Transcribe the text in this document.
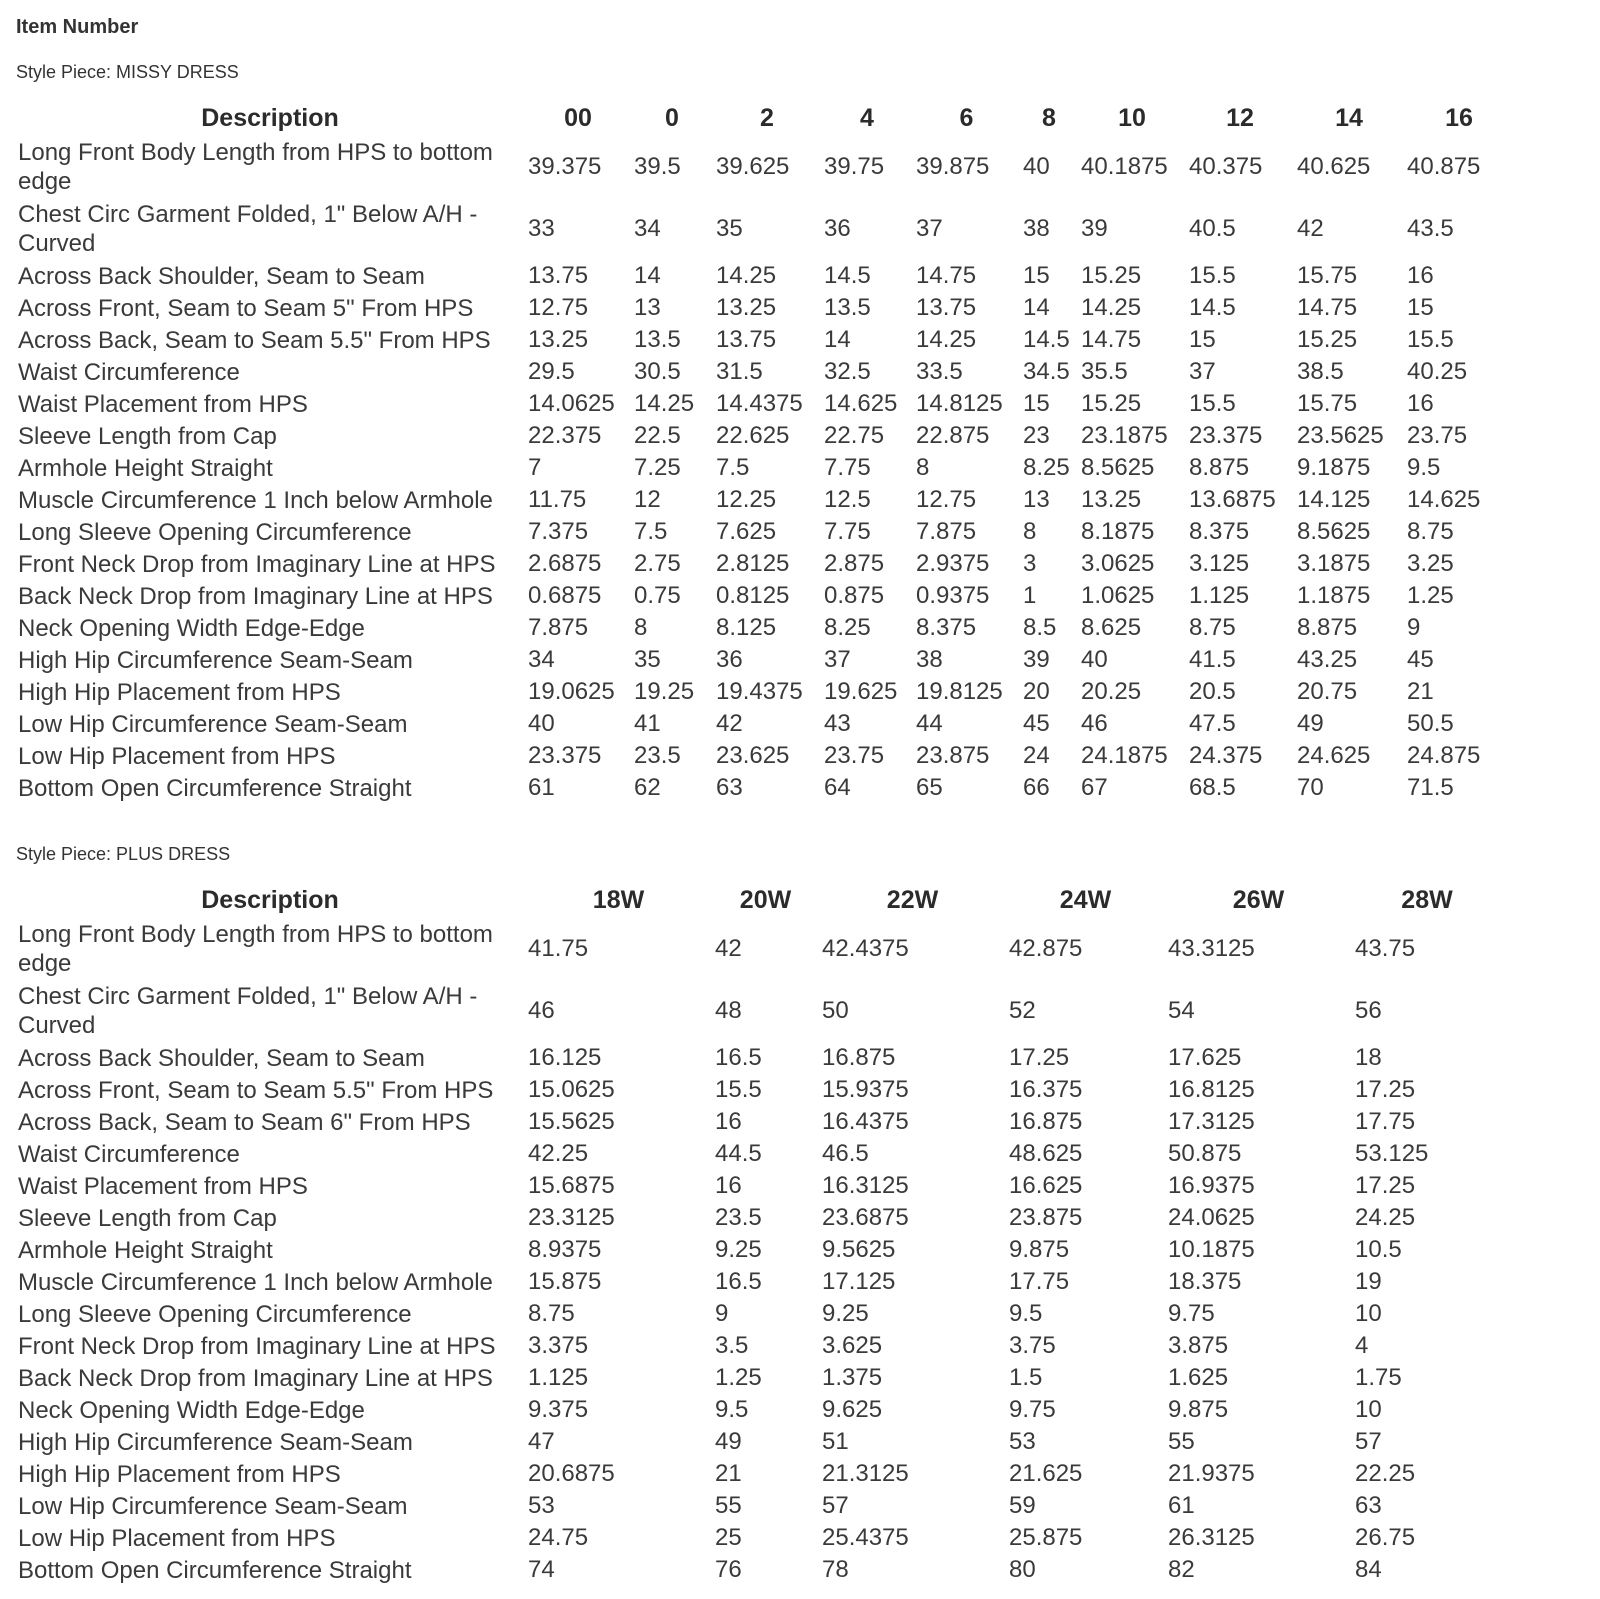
Item Number
Style Piece: MISSY DRESS
Description	00	0	2	4	6	8	10	12	14	16
Long Front Body Length from HPS to bottom edge	39.375	39.5	39.625	39.75	39.875	40	40.1875	40.375	40.625	40.875
Chest Circ Garment Folded, 1" Below A/H - Curved	33	34	35	36	37	38	39	40.5	42	43.5
Across Back Shoulder, Seam to Seam	13.75	14	14.25	14.5	14.75	15	15.25	15.5	15.75	16
Across Front, Seam to Seam 5" From HPS	12.75	13	13.25	13.5	13.75	14	14.25	14.5	14.75	15
Across Back, Seam to Seam 5.5" From HPS	13.25	13.5	13.75	14	14.25	14.5	14.75	15	15.25	15.5
Waist Circumference	29.5	30.5	31.5	32.5	33.5	34.5	35.5	37	38.5	40.25
Waist Placement from HPS	14.0625	14.25	14.4375	14.625	14.8125	15	15.25	15.5	15.75	16
Sleeve Length from Cap	22.375	22.5	22.625	22.75	22.875	23	23.1875	23.375	23.5625	23.75
Armhole Height Straight	7	7.25	7.5	7.75	8	8.25	8.5625	8.875	9.1875	9.5
Muscle Circumference 1 Inch below Armhole	11.75	12	12.25	12.5	12.75	13	13.25	13.6875	14.125	14.625
Long Sleeve Opening Circumference	7.375	7.5	7.625	7.75	7.875	8	8.1875	8.375	8.5625	8.75
Front Neck Drop from Imaginary Line at HPS	2.6875	2.75	2.8125	2.875	2.9375	3	3.0625	3.125	3.1875	3.25
Back Neck Drop from Imaginary Line at HPS	0.6875	0.75	0.8125	0.875	0.9375	1	1.0625	1.125	1.1875	1.25
Neck Opening Width Edge-Edge	7.875	8	8.125	8.25	8.375	8.5	8.625	8.75	8.875	9
High Hip Circumference Seam-Seam	34	35	36	37	38	39	40	41.5	43.25	45
High Hip Placement from HPS	19.0625	19.25	19.4375	19.625	19.8125	20	20.25	20.5	20.75	21
Low Hip Circumference Seam-Seam	40	41	42	43	44	45	46	47.5	49	50.5
Low Hip Placement from HPS	23.375	23.5	23.625	23.75	23.875	24	24.1875	24.375	24.625	24.875
Bottom Open Circumference Straight	61	62	63	64	65	66	67	68.5	70	71.5
Style Piece: PLUS DRESS
Description	18W	20W	22W	24W	26W	28W
Long Front Body Length from HPS to bottom edge	41.75	42	42.4375	42.875	43.3125	43.75
Chest Circ Garment Folded, 1" Below A/H - Curved	46	48	50	52	54	56
Across Back Shoulder, Seam to Seam	16.125	16.5	16.875	17.25	17.625	18
Across Front, Seam to Seam 5.5" From HPS	15.0625	15.5	15.9375	16.375	16.8125	17.25
Across Back, Seam to Seam 6" From HPS	15.5625	16	16.4375	16.875	17.3125	17.75
Waist Circumference	42.25	44.5	46.5	48.625	50.875	53.125
Waist Placement from HPS	15.6875	16	16.3125	16.625	16.9375	17.25
Sleeve Length from Cap	23.3125	23.5	23.6875	23.875	24.0625	24.25
Armhole Height Straight	8.9375	9.25	9.5625	9.875	10.1875	10.5
Muscle Circumference 1 Inch below Armhole	15.875	16.5	17.125	17.75	18.375	19
Long Sleeve Opening Circumference	8.75	9	9.25	9.5	9.75	10
Front Neck Drop from Imaginary Line at HPS	3.375	3.5	3.625	3.75	3.875	4
Back Neck Drop from Imaginary Line at HPS	1.125	1.25	1.375	1.5	1.625	1.75
Neck Opening Width Edge-Edge	9.375	9.5	9.625	9.75	9.875	10
High Hip Circumference Seam-Seam	47	49	51	53	55	57
High Hip Placement from HPS	20.6875	21	21.3125	21.625	21.9375	22.25
Low Hip Circumference Seam-Seam	53	55	57	59	61	63
Low Hip Placement from HPS	24.75	25	25.4375	25.875	26.3125	26.75
Bottom Open Circumference Straight	74	76	78	80	82	84
